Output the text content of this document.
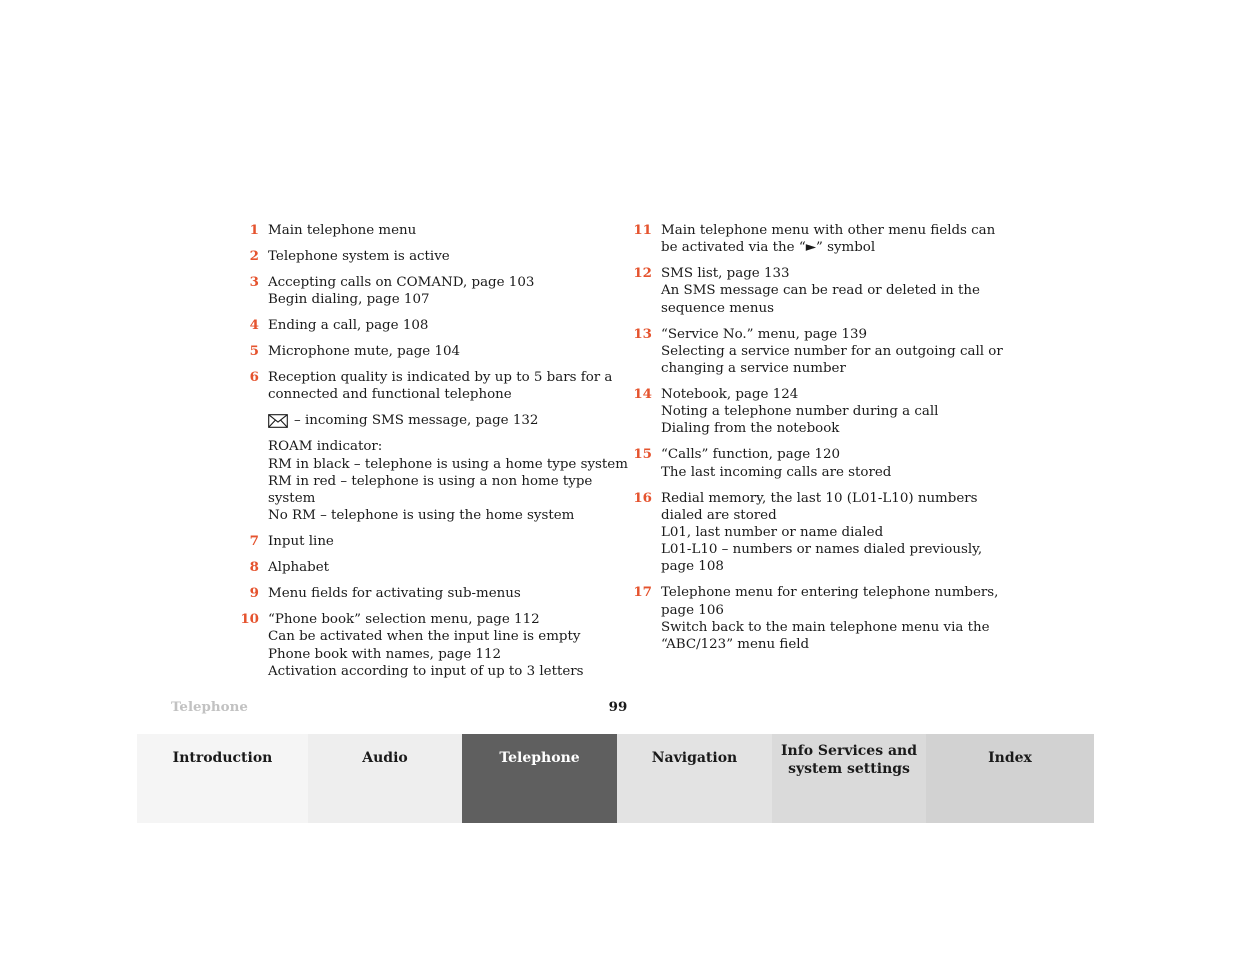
1 Main telephone menu
2 Telephone system is active
3 Accepting calls on COMAND, page 103
Begin dialing, page 107
4 Ending a call, page 108
5 Microphone mute, page 104
6 Reception quality is indicated by up to 5 bars for a
connected and functional telephone
– incoming SMS message, page 132
ROAM indicator:
RM in black – telephone is using a home type system
RM in red – telephone is using a non home type
system
No RM – telephone is using the home system
7 Input line
8 Alphabet
9 Menu fields for activating sub-menus
10 “Phone book” selection menu, page 112
Can be activated when the input line is empty
Phone book with names, page 112
Activation according to input of up to 3 letters
11 Main telephone menu with other menu fields can
be activated via the “►” symbol
12 SMS list, page 133
An SMS message can be read or deleted in the
sequence menus
13 “Service No.” menu, page 139
Selecting a service number for an outgoing call or
changing a service number
14 Notebook, page 124
Noting a telephone number during a call
Dialing from the notebook
15 “Calls” function, page 120
The last incoming calls are stored
16 Redial memory, the last 10 (L01-L10) numbers
dialed are stored
L01, last number or name dialed
L01-L10 – numbers or names dialed previously,
page 108
17 Telephone menu for entering telephone numbers,
page 106
Switch back to the main telephone menu via the
“ABC/123” menu field
Telephone	99
Introduction	Audio	Telephone	Navigation	Info Services and
system settings
Index
